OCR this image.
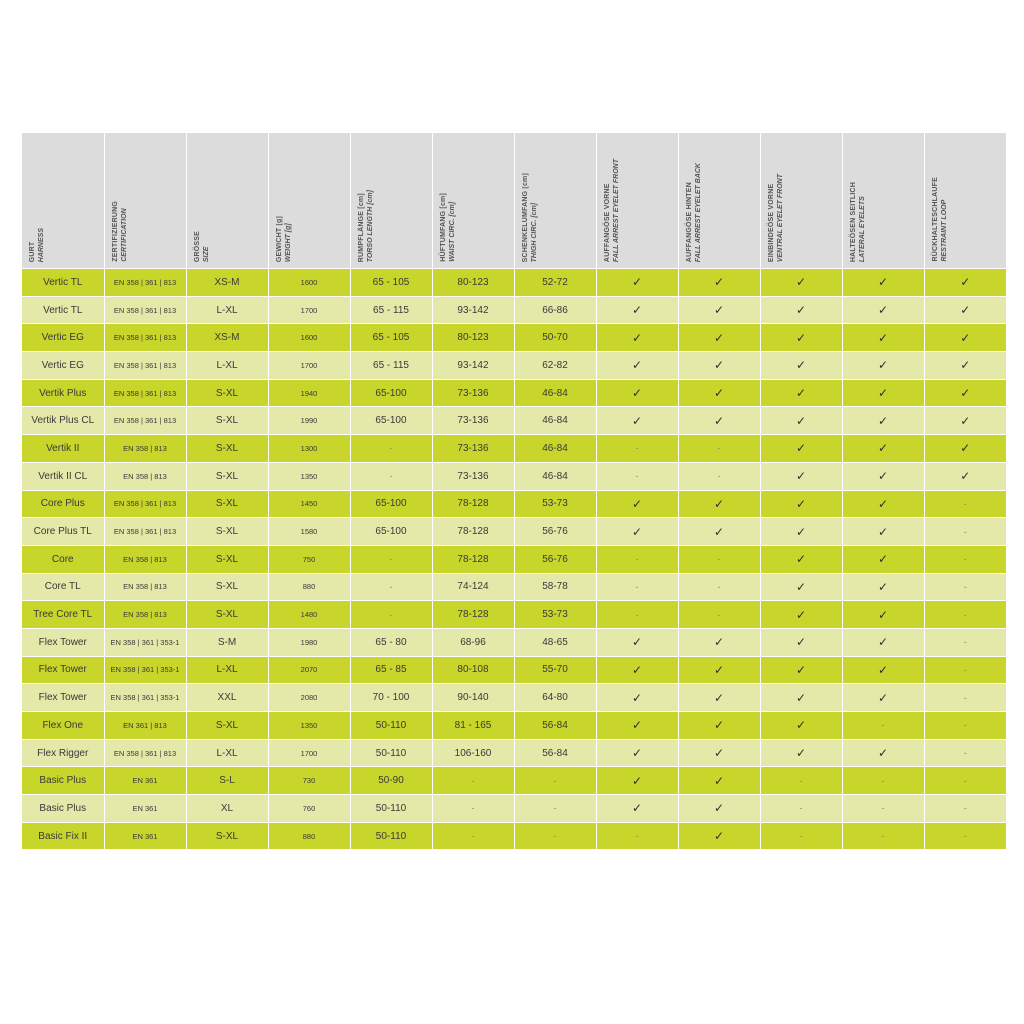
GURT HARNESS	ZERTIFIZIERUNG CERTIFICATION	GRÖSSE SIZE	GEWICHT [g] WEIGHT [g]	RUMPFLÄNGE [cm] TORSO LENGTH [cm]	HÜFTUMFANG [cm] WAIST CIRC. [cm]	SCHENKELUMFANG [cm] THIGH CIRC. [cm]	AUFFANGÖSE VORNE FALL ARREST EYELET FRONT	AUFFANGÖSE HINTEN FALL ARREST EYELET BACK	EINBINDEÖSE VORNE VENTRAL EYELET FRONT	HALTEÖSEN SEITLICH LATERAL EYELETS	RÜCKHALTESCHLAUFE RESTRAINT LOOP

Vertic TL	EN 358 | 361 | 813	XS-M	1600	65 - 105	80-123	52-72	✓	✓	✓	✓	✓
Vertic TL	EN 358 | 361 | 813	L-XL	1700	65 - 115	93-142	66-86	✓	✓	✓	✓	✓
Vertic EG	EN 358 | 361 | 813	XS-M	1600	65 - 105	80-123	50-70	✓	✓	✓	✓	✓
Vertic EG	EN 358 | 361 | 813	L-XL	1700	65 - 115	93-142	62-82	✓	✓	✓	✓	✓
Vertik Plus	EN 358 | 361 | 813	S-XL	1940	65-100	73-136	46-84	✓	✓	✓	✓	✓
Vertik Plus CL	EN 358 | 361 | 813	S-XL	1990	65-100	73-136	46-84	✓	✓	✓	✓	✓
Vertik II	EN 358 | 813	S-XL	1300	-	73-136	46-84	-	-	✓	✓	✓
Vertik II CL	EN 358 | 813	S-XL	1350	-	73-136	46-84	-	-	✓	✓	✓
Core Plus	EN 358 | 361 | 813	S-XL	1450	65-100	78-128	53-73	✓	✓	✓	✓	-
Core Plus TL	EN 358 | 361 | 813	S-XL	1580	65-100	78-128	56-76	✓	✓	✓	✓	-
Core	EN 358 | 813	S-XL	750	-	78-128	56-76	-	-	✓	✓	-
Core TL	EN 358 | 813	S-XL	880	-	74-124	58-78	-	-	✓	✓	-
Tree Core TL	EN 358 | 813	S-XL	1480	-	78-128	53-73	-	-	✓	✓	-
Flex Tower	EN 358 | 361 | 353-1	S-M	1980	65 - 80	68-96	48-65	✓	✓	✓	✓	-
Flex Tower	EN 358 | 361 | 353-1	L-XL	2070	65 - 85	80-108	55-70	✓	✓	✓	✓	-
Flex Tower	EN 358 | 361 | 353-1	XXL	2080	70 - 100	90-140	64-80	✓	✓	✓	✓	-
Flex One	EN 361 | 813	S-XL	1350	50-110	81 - 165	56-84	✓	✓	✓	-	-
Flex Rigger	EN 358 | 361 | 813	L-XL	1700	50-110	106-160	56-84	✓	✓	✓	✓	-
Basic Plus	EN 361	S-L	730	50-90	-	-	✓	✓	-	-	-
Basic Plus	EN 361	XL	760	50-110	-	-	✓	✓	-	-	-
Basic Fix II	EN 361	S-XL	880	50-110	-	-	-	✓	-	-	-
